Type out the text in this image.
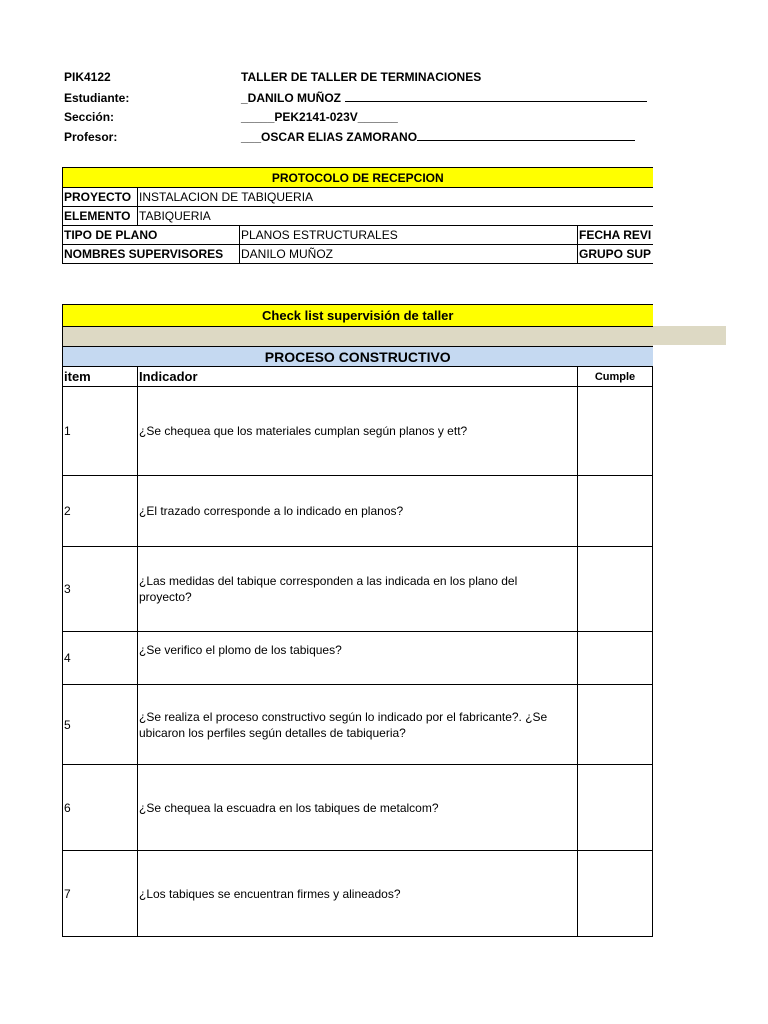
PIK4122	TALLER DE TALLER DE TERMINACIONES
Estudiante:	_DANILO MUÑOZ
Sección:	_____PEK2141-023V______
Profesor:	___OSCAR ELIAS ZAMORANO
PROTOCOLO DE RECEPCION			
PROYECTO	INSTALACION DE TABIQUERIA		
ELEMENTO	TABIQUERIA		
TIPO DE PLANO		PLANOS ESTRUCTURALES	FECHA REVI
NOMBRES SUPERVISORES		DANILO MUÑOZ	GRUPO SUP
Check list supervisión de taller		

PROCESO CONSTRUCTIVO		
item	Indicador	Cumple
1	¿Se chequea que los materiales cumplan según planos y ett?	
2	¿El trazado corresponde a lo indicado en planos?	
3	¿Las medidas del tabique corresponden a las indicada en los plano del proyecto?	
4	¿Se verifico el plomo de los tabiques?	
5	¿Se realiza el proceso constructivo según lo indicado por el fabricante?. ¿Se ubicaron los perfiles según detalles de tabiqueria?	
6	¿Se chequea la escuadra en los tabiques de metalcom?	
7	¿Los tabiques se encuentran firmes y alineados?	
